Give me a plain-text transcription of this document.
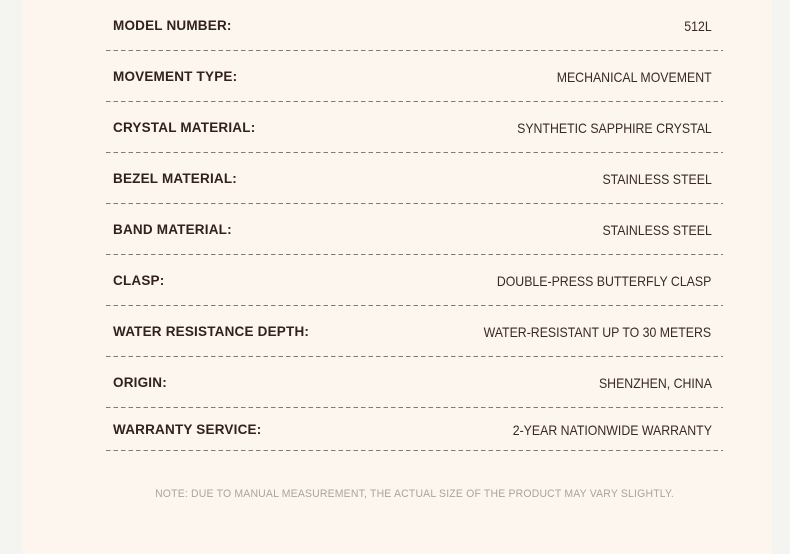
MODEL NUMBER:	512L
MOVEMENT TYPE:	MECHANICAL MOVEMENT
CRYSTAL MATERIAL:	SYNTHETIC SAPPHIRE CRYSTAL
BEZEL MATERIAL:	STAINLESS STEEL
BAND MATERIAL:	STAINLESS STEEL
CLASP:	DOUBLE-PRESS BUTTERFLY CLASP
WATER RESISTANCE DEPTH:	WATER-RESISTANT UP TO 30 METERS
ORIGIN:	SHENZHEN, CHINA
WARRANTY SERVICE:	2-YEAR NATIONWIDE WARRANTY
NOTE: DUE TO MANUAL MEASUREMENT, THE ACTUAL SIZE OF THE PRODUCT MAY VARY SLIGHTLY.
